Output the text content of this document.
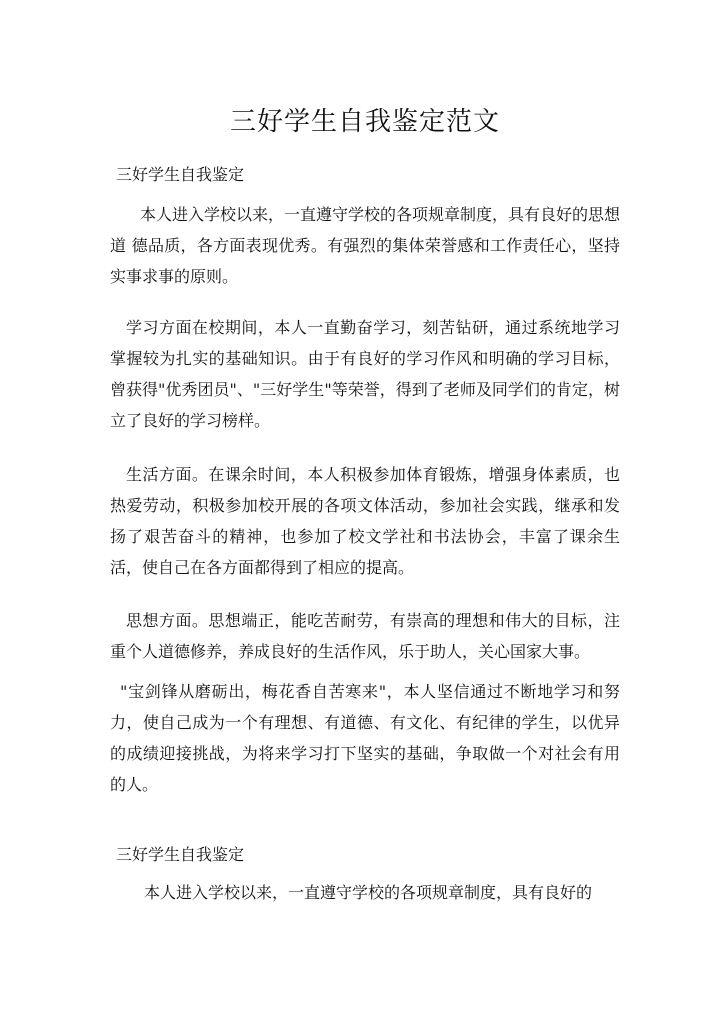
三好学生自我鉴定范文

三好学生自我鉴定

本人进入学校以来，一直遵守学校的各项规章制度，具有良好的思想道 德品质，各方面表现优秀。有强烈的集体荣誉感和工作责任心，坚持实事求事的原则。

学习方面在校期间，本人一直勤奋学习，刻苦钻研，通过系统地学习掌握较为扎实的基础知识。由于有良好的学习作风和明确的学习目标，曾获得"优秀团员"、"三好学生"等荣誉，得到了老师及同学们的肯定，树立了良好的学习榜样。

生活方面。在课余时间，本人积极参加体育锻炼，增强身体素质，也热爱劳动，积极参加校开展的各项文体活动，参加社会实践，继承和发扬了艰苦奋斗的精神，也参加了校文学社和书法协会，丰富了课余生活，使自己在各方面都得到了相应的提高。

思想方面。思想端正，能吃苦耐劳，有崇高的理想和伟大的目标，注重个人道德修养，养成良好的生活作风，乐于助人，关心国家大事。

"宝剑锋从磨砺出，梅花香自苦寒来"，本人坚信通过不断地学习和努力，使自己成为一个有理想、有道德、有文化、有纪律的学生，以优异的成绩迎接挑战，为将来学习打下坚实的基础，争取做一个对社会有用的人。

三好学生自我鉴定

本人进入学校以来，一直遵守学校的各项规章制度，具有良好的
